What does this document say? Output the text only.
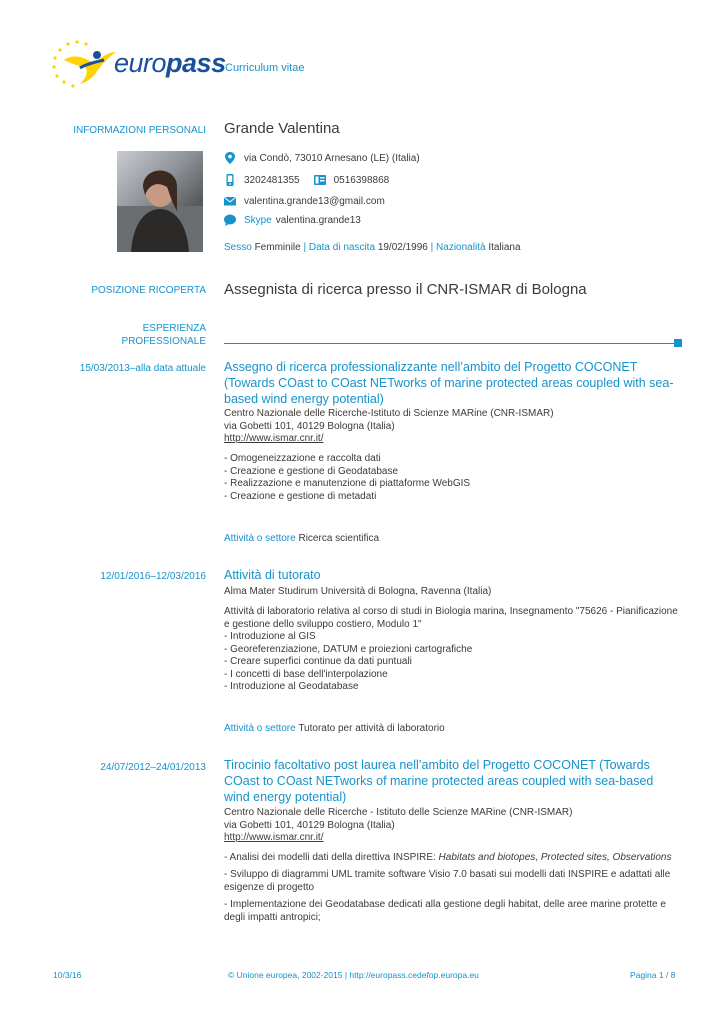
europass Curriculum vitae
INFORMAZIONI PERSONALI Grande Valentina
via Condò, 73010 Arnesano (LE) (Italia)
3202481355	0516398868
valentina.grande13@gmail.com
Skype valentina.grande13
Sesso Femminile | Data di nascita 19/02/1996 | Nazionalità Italiana
POSIZIONE RICOPERTA Assegnista di ricerca presso il CNR-ISMAR di Bologna
ESPERIENZA
PROFESSIONALE
15/03/2013–alla data attuale Assegno di ricerca professionalizzante nell’ambito del Progetto COCONET
(Towards COast to COast NETworks of marine protected areas coupled with sea-
based wind energy potential)
Centro Nazionale delle Ricerche-Istituto di Scienze MARine (CNR-ISMAR)
via Gobetti 101, 40129 Bologna (Italia)
http://www.ismar.cnr.it/
- Omogeneizzazione e raccolta dati
- Creazione e gestione di Geodatabase
- Realizzazione e manutenzione di piattaforme WebGIS
- Creazione e gestione di metadati
Attività o settore Ricerca scientifica
12/01/2016–12/03/2016 Attività di tutorato
Alma Mater Studirum Università di Bologna, Ravenna (Italia)
Attività di laboratorio relativa al corso di studi in Biologia marina, Insegnamento "75626 - Pianificazione
e gestione dello sviluppo costiero, Modulo 1"
- Introduzione al GIS
- Georeferenziazione, DATUM e proiezioni cartografiche
- Creare superfici continue da dati puntuali
- I concetti di base dell'interpolazione
- Introduzione al Geodatabase
Attività o settore Tutorato per attività di laboratorio
24/07/2012–24/01/2013 Tirocinio facoltativo post laurea nell’ambito del Progetto COCONET (Towards
COast to COast NETworks of marine protected areas coupled with sea-based
wind energy potential)
Centro Nazionale delle Ricerche - Istituto delle Scienze MARine (CNR-ISMAR)
via Gobetti 101, 40129 Bologna (Italia)
http://www.ismar.cnr.it/
- Analisi dei modelli dati della direttiva INSPIRE: Habitats and biotopes, Protected sites, Observations
- Sviluppo di diagrammi UML tramite software Visio 7.0 basati sui modelli dati INSPIRE e adattati alle
esigenze di progetto
- Implementazione dei Geodatabase dedicati alla gestione degli habitat, delle aree marine protette e
degli impatti antropici;
10/3/16	© Unione europea, 2002-2015 | http://europass.cedefop.europa.eu	Pagina 1 / 8
